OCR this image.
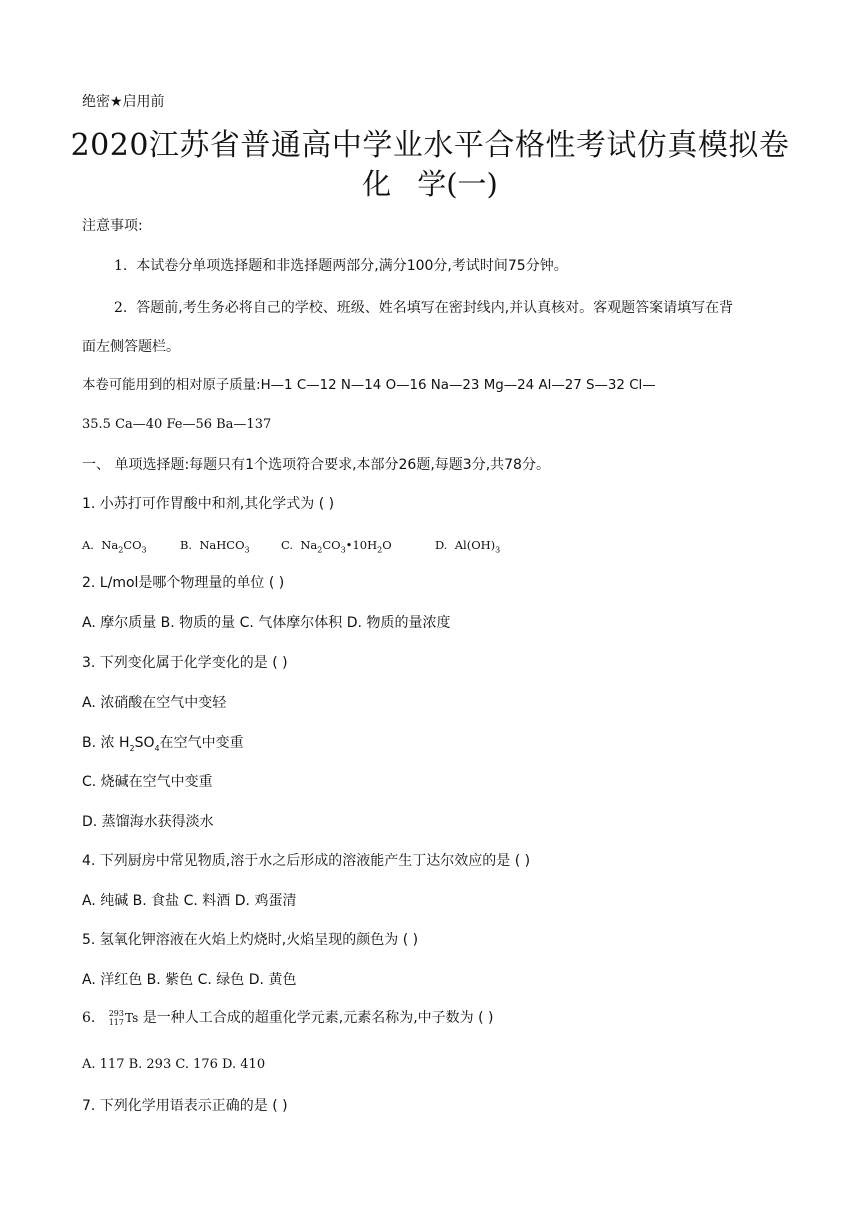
绝密★启用前
2020江苏省普通高中学业水平合格性考试仿真模拟卷
化 学(一)
注意事项:
1. 本试卷分单项选择题和非选择题两部分,满分100分,考试时间75分钟。
2. 答题前,考生务必将自己的学校、班级、姓名填写在密封线内,并认真核对。客观题答案请填写在背
面左侧答题栏。
本卷可能用到的相对原子质量:H—1 C—12 N—14 O—16 Na—23 Mg—24 Al—27 S—32 Cl—
35.5 Ca—40 Fe—56 Ba—137
一、 单项选择题:每题只有1个选项符合要求,本部分26题,每题3分,共78分。
1. 小苏打可作胃酸中和剂,其化学式为 ( )
A. $Na_2CO_3$	B. NaHCO$_3$	C. $Na_2CO_3•10H_2O$	D. $Al(OH)_3$
2. L/mol是哪个物理量的单位 ( )
A. 摩尔质量 B. 物质的量 C. 气体摩尔体积 D. 物质的量浓度
3. 下列变化属于化学变化的是 ( )
A. 浓硝酸在空气中变轻
B. 浓 $H_2SO_4$在空气中变重
C. 烧碱在空气中变重
D. 蒸馏海水获得淡水
4. 下列厨房中常见物质,溶于水之后形成的溶液能产生丁达尔效应的是 ( )
A. 纯碱 B. 食盐 C. 料酒 D. 鸡蛋清
5. 氢氧化钾溶液在火焰上灼烧时,火焰呈现的颜色为 ( )
A. 洋红色 B. 紫色 C. 绿色 D. 黄色
6. 293
117Ts 是一种人工合成的超重化学元素,元素名称为,中子数为 ( )
A. 117 B. 293 C. 176 D. 410
7. 下列化学用语表示正确的是 ( )
